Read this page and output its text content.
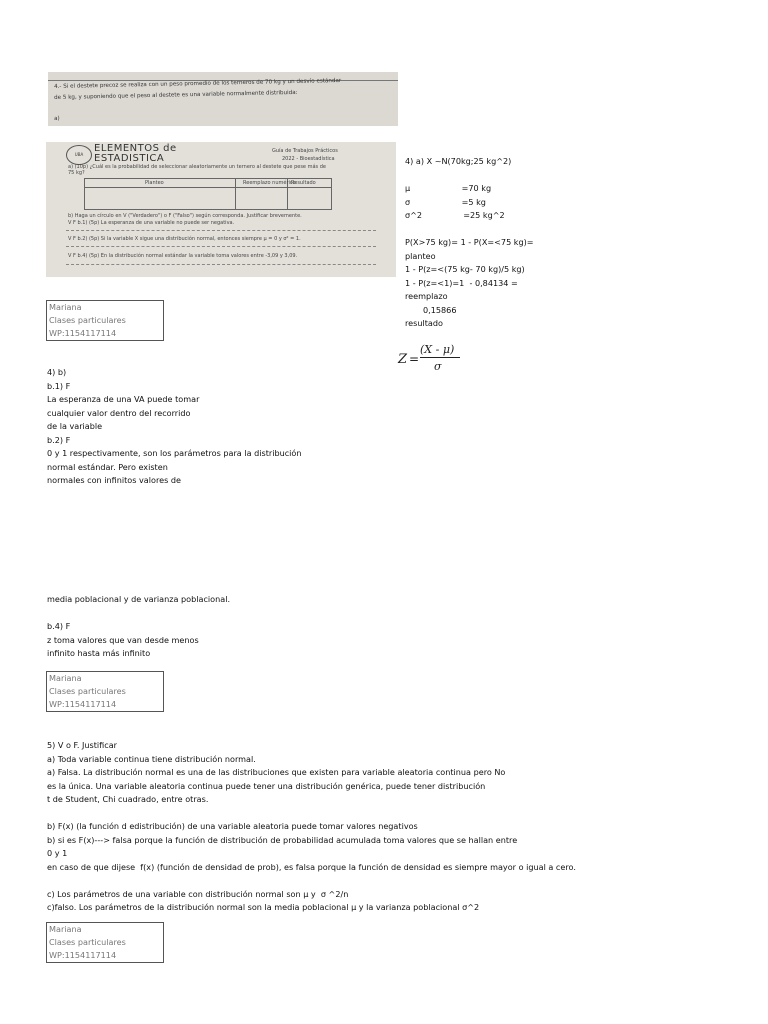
4.- Si el destete precoz se realiza con un peso promedio de los terneros de 70 kg y un desvío estándar
de 5 kg, y suponiendo que el peso al destete es una variable normalmente distribuida:
a)
UBA
ELEMENTOS de
ESTADISTICA
Guía de Trabajos Prácticos
2022 - Bioestadística
a) (10p) ¿Cuál es la probabilidad de seleccionar aleatoriamente un ternero al destete que pese más de
75 kg?
Planteo	Reemplazo numérico
Resultado
b) Haga un círculo en V ("Verdadero") o F ("Falso") según corresponda. Justificar brevemente.
V F b.1) (5p) La esperanza de una variable no puede ser negativa.
V F b.2) (5p) Si la variable X sigue una distribución normal, entonces siempre μ = 0 y σ² = 1.
V F b.4) (5p) En la distribución normal estándar la variable toma valores entre -3,09 y 3,09.
4) a) X ~N(70kg;25 kg^2)
μ                    =70 kg
σ                    =5 kg
σ^2                =25 kg^2
P(X>75 kg)= 1 - P(X=<75 kg)=
planteo
1 - P(z=<(75 kg- 70 kg)/5 kg)
1 - P(z=<1)=1  - 0,84134 =
reemplazo
0,15866
resultado
Z =
(X - μ)
σ
Mariana
Clases particulares
WP:1154117114
Mariana
Clases particulares
WP:1154117114
Mariana
Clases particulares
WP:1154117114
4) b)
b.1) F
La esperanza de una VA puede tomar
cualquier valor dentro del recorrido
de la variable
b.2) F
0 y 1 respectivamente, son los parámetros para la distribución
normal estándar. Pero existen
normales con infinitos valores de
media poblacional y de varianza poblacional.
b.4) F
z toma valores que van desde menos
infinito hasta más infinito
5) V o F. Justificar
a) Toda variable continua tiene distribución normal.
a) Falsa. La distribución normal es una de las distribuciones que existen para variable aleatoria continua pero No
es la única. Una variable aleatoria continua puede tener una distribución genérica, puede tener distribución
t de Student, Chi cuadrado, entre otras.
b) F(x) (la función d edistribución) de una variable aleatoria puede tomar valores negativos
b) si es F(x)---> falsa porque la función de distribución de probabilidad acumulada toma valores que se hallan entre
0 y 1
en caso de que dijese  f(x) (función de densidad de prob), es falsa porque la función de densidad es siempre mayor o igual a cero.
c) Los parámetros de una variable con distribución normal son μ y  σ ^2/n
c)falso. Los parámetros de la distribución normal son la media poblacional μ y la varianza poblacional σ^2
